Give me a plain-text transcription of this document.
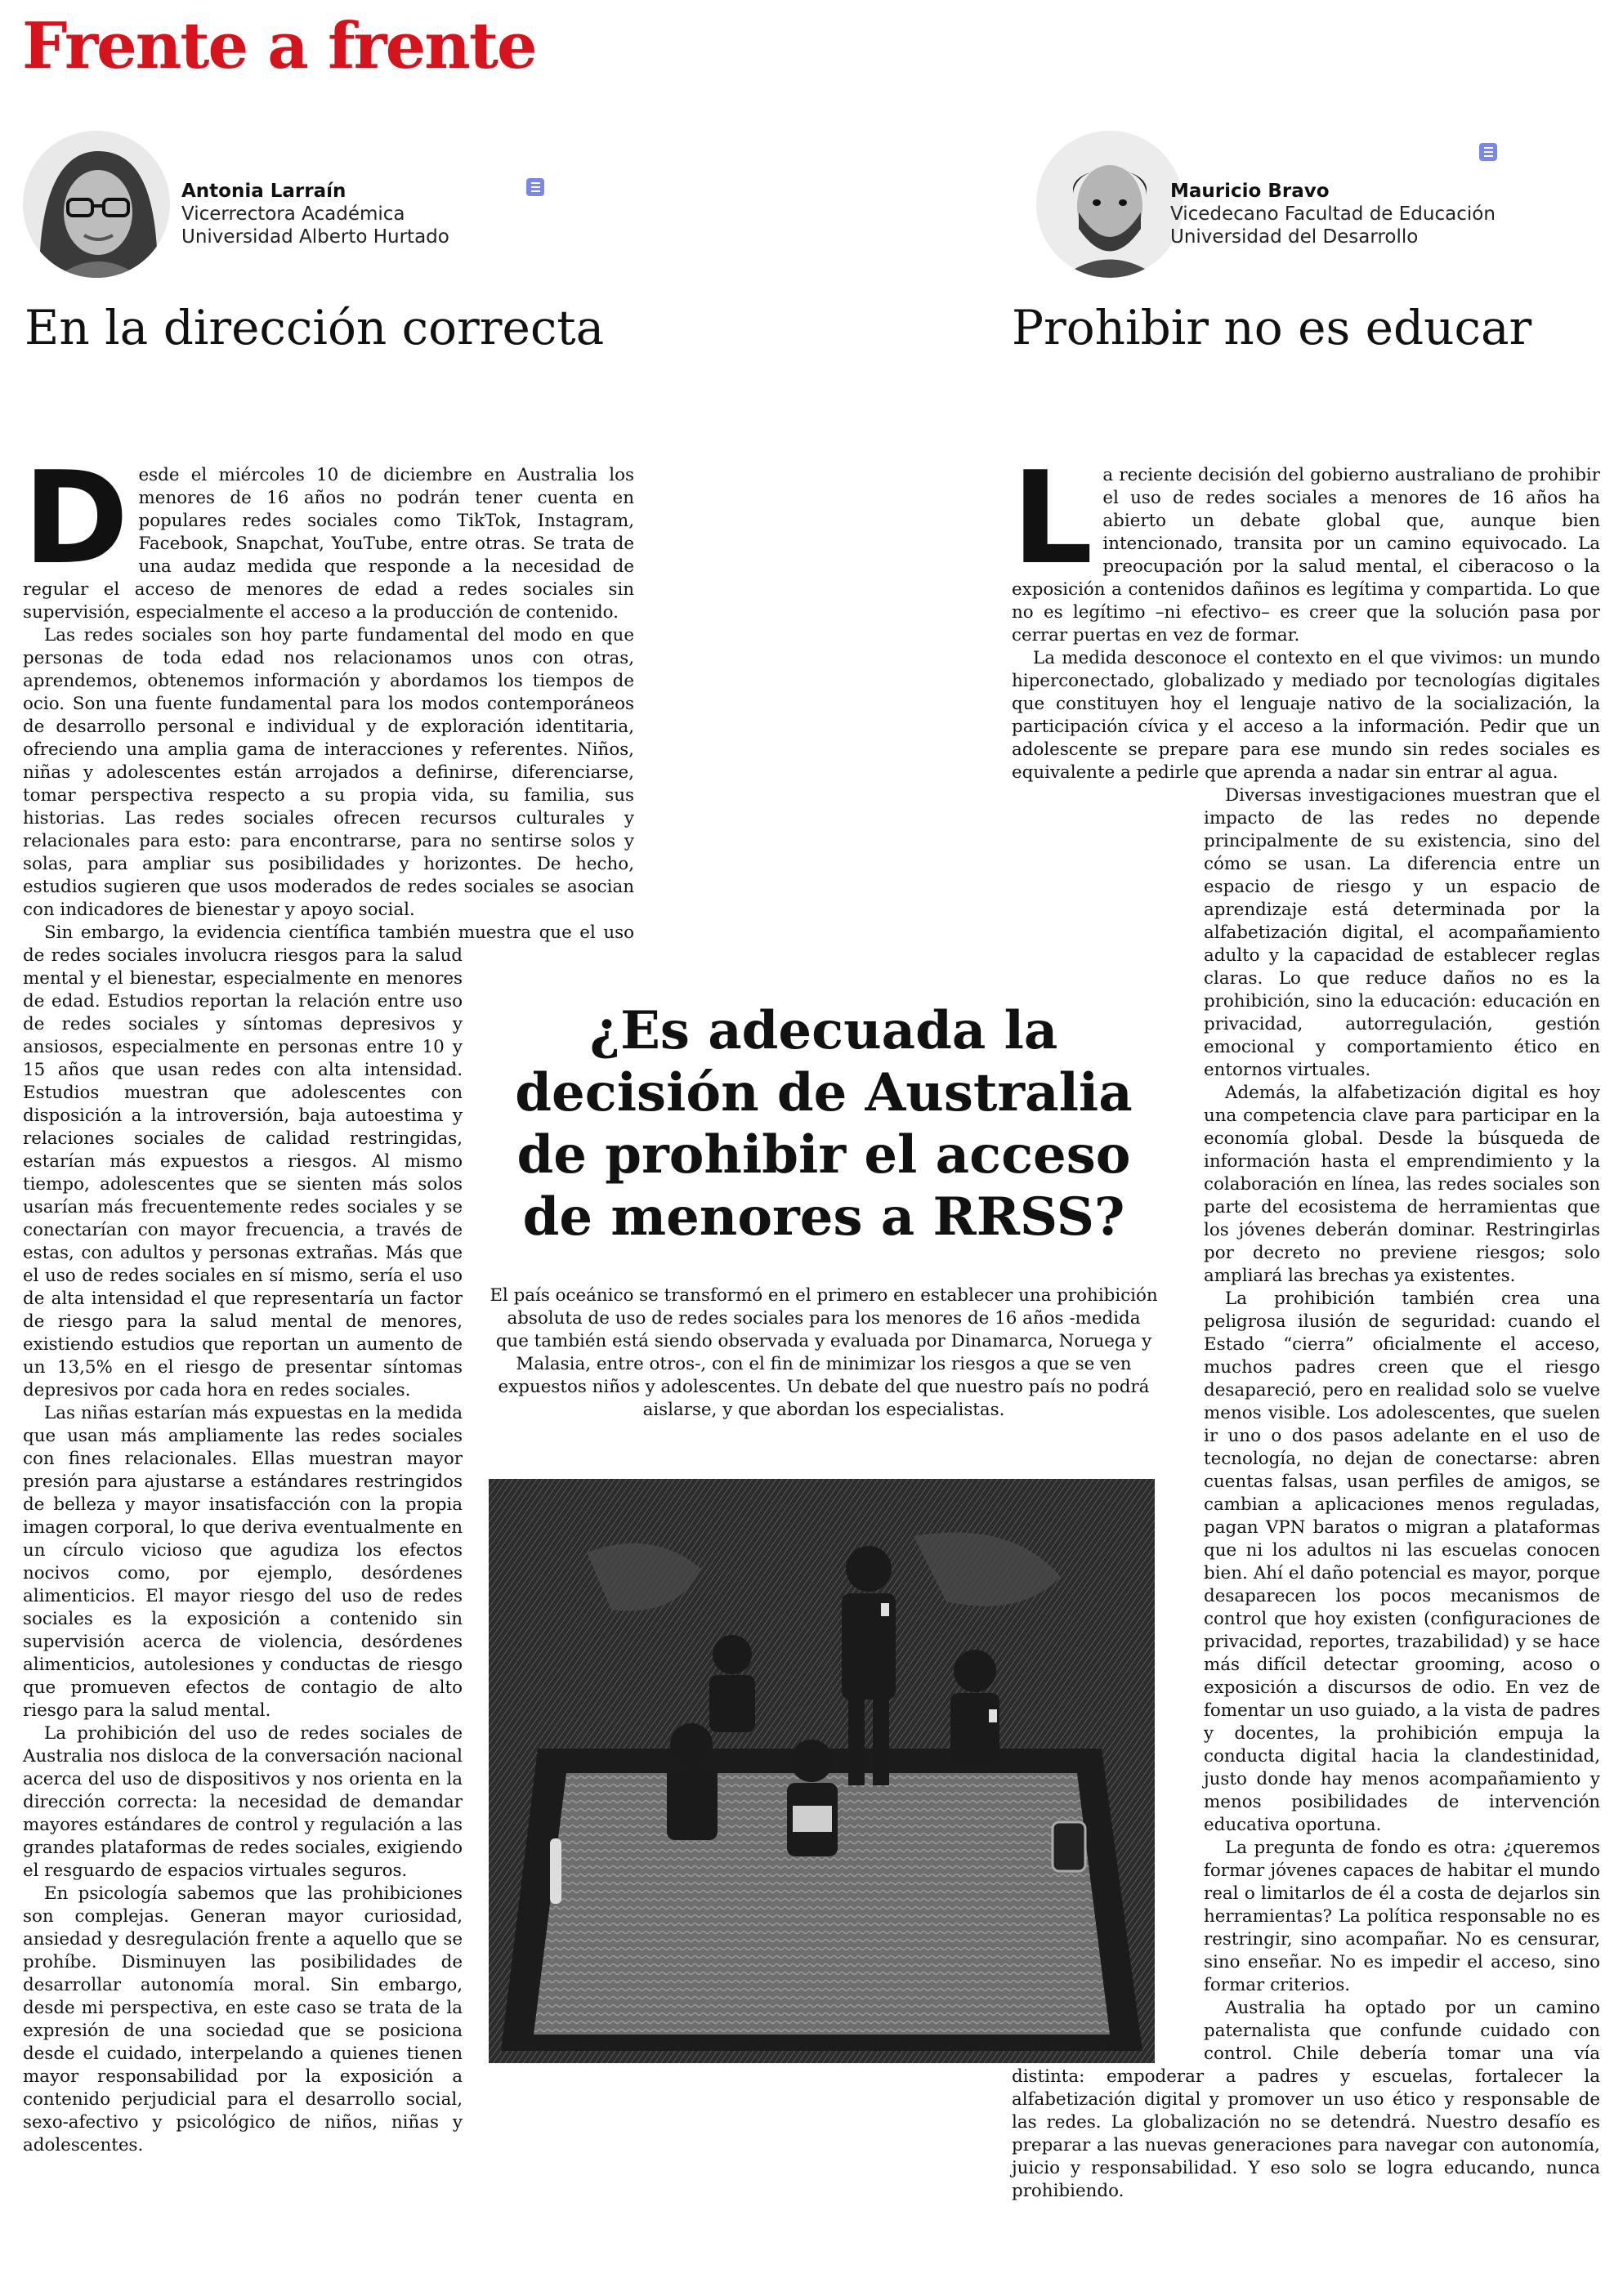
Frente a frente
Antonia Larraín
Vicerrectora Académica
Universidad Alberto Hurtado
Mauricio Bravo
Vicedecano Facultad de Educación
Universidad del Desarrollo
En la dirección correcta	Prohibir no es educar
D esde el miércoles 10 de diciembre en Australia los menores de 16 años no podrán tener cuenta en populares redes sociales como TikTok, Instagram, Facebook, Snapchat, YouTube, entre otras. Se trata de una audaz medida que responde a la necesidad de regular el acceso de menores de edad a redes sociales sin supervisión, especialmente el acceso a la producción de contenido.

Las redes sociales son hoy parte fundamental del modo en que personas de toda edad nos relacionamos unos con otras, aprendemos, obtenemos información y abordamos los tiempos de ocio. Son una fuente fundamental para los modos contemporáneos de desarrollo personal e individual y de exploración identitaria, ofreciendo una amplia gama de interacciones y referentes. Niños, niñas y adolescentes están arrojados a definirse, diferenciarse, tomar perspectiva respecto a su propia vida, su familia, sus historias. Las redes sociales ofrecen recursos culturales y relacionales para esto: para encontrarse, para no sentirse solos y solas, para ampliar sus posibilidades y horizontes. De hecho, estudios sugieren que usos moderados de redes sociales se asocian con indicadores de bienestar y apoyo social.

Sin embargo, la evidencia científica también muestra que el uso de redes sociales involucra riesgos para la salud mental y el bienestar, especialmente en menores de edad. Estudios reportan la relación entre uso de redes sociales y síntomas depresivos y ansiosos, especialmente en personas entre 10 y 15 años que usan redes con alta intensidad. Estudios muestran que adolescentes con disposición a la introversión, baja autoestima y relaciones sociales de calidad restringidas, estarían más expuestos a riesgos. Al mismo tiempo, adolescentes que se sienten más solos usarían más frecuentemente redes sociales y se conectarían con mayor frecuencia, a través de estas, con adultos y personas extrañas. Más que el uso de redes sociales en sí mismo, sería el uso de alta intensidad el que representaría un factor de riesgo para la salud mental de menores, existiendo estudios que reportan un aumento de un 13,5% en el riesgo de presentar síntomas depresivos por cada hora en redes sociales.

Las niñas estarían más expuestas en la medida que usan más ampliamente las redes sociales con fines relacionales. Ellas muestran mayor presión para ajustarse a estándares restringidos de belleza y mayor insatisfacción con la propia imagen corporal, lo que deriva eventualmente en un círculo vicioso que agudiza los efectos nocivos como, por ejemplo, desórdenes alimenticios. El mayor riesgo del uso de redes sociales es la exposición a contenido sin supervisión acerca de violencia, desórdenes alimenticios, autolesiones y conductas de riesgo que promueven efectos de contagio de alto riesgo para la salud mental.

La prohibición del uso de redes sociales de Australia nos disloca de la conversación nacional acerca del uso de dispositivos y nos orienta en la dirección correcta: la necesidad de demandar mayores estándares de control y regulación a las grandes plataformas de redes sociales, exigiendo el resguardo de espacios virtuales seguros.

En psicología sabemos que las prohibiciones son complejas. Generan mayor curiosidad, ansiedad y desregulación frente a aquello que se prohíbe. Disminuyen las posibilidades de desarrollar autonomía moral. Sin embargo, desde mi perspectiva, en este caso se trata de la expresión de una sociedad que se posiciona desde el cuidado, interpelando a quienes tienen mayor responsabilidad por la exposición a contenido perjudicial para el desarrollo social, sexo-afectivo y psicológico de niños, niñas y adolescentes.

L a reciente decisión del gobierno australiano de prohibir el uso de redes sociales a menores de 16 años ha abierto un debate global que, aunque bien intencionado, transita por un camino equivocado. La preocupación por la salud mental, el ciberacoso o la exposición a contenidos dañinos es legítima y compartida. Lo que no es legítimo –ni efectivo– es creer que la solución pasa por cerrar puertas en vez de formar.

La medida desconoce el contexto en el que vivimos: un mundo hiperconectado, globalizado y mediado por tecnologías digitales que constituyen hoy el lenguaje nativo de la socialización, la participación cívica y el acceso a la información. Pedir que un adolescente se prepare para ese mundo sin redes sociales es equivalente a pedirle que aprenda a nadar sin entrar al agua.

Diversas investigaciones muestran que el impacto de las redes no depende principalmente de su existencia, sino del cómo se usan. La diferencia entre un espacio de riesgo y un espacio de aprendizaje está determinada por la alfabetización digital, el acompañamiento adulto y la capacidad de establecer reglas claras. Lo que reduce daños no es la prohibición, sino la educación: educación en privacidad, autorregulación, gestión emocional y comportamiento ético en entornos virtuales.

Además, la alfabetización digital es hoy una competencia clave para participar en la economía global. Desde la búsqueda de información hasta el emprendimiento y la colaboración en línea, las redes sociales son parte del ecosistema de herramientas que los jóvenes deberán dominar. Restringirlas por decreto no previene riesgos; solo ampliará las brechas ya existentes.

La prohibición también crea una peligrosa ilusión de seguridad: cuando el Estado “cierra” oficialmente el acceso, muchos padres creen que el riesgo desapareció, pero en realidad solo se vuelve menos visible. Los adolescentes, que suelen ir uno o dos pasos adelante en el uso de tecnología, no dejan de conectarse: abren cuentas falsas, usan perfiles de amigos, se cambian a aplicaciones menos reguladas, pagan VPN baratos o migran a plataformas que ni los adultos ni las escuelas conocen bien. Ahí el daño potencial es mayor, porque desaparecen los pocos mecanismos de control que hoy existen (configuraciones de privacidad, reportes, trazabilidad) y se hace más difícil detectar grooming, acoso o exposición a discursos de odio. En vez de fomentar un uso guiado, a la vista de padres y docentes, la prohibición empuja la conducta digital hacia la clandestinidad, justo donde hay menos acompañamiento y menos posibilidades de intervención educativa oportuna.

La pregunta de fondo es otra: ¿queremos formar jóvenes capaces de habitar el mundo real o limitarlos de él a costa de dejarlos sin herramientas? La política responsable no es restringir, sino acompañar. No es censurar, sino enseñar. No es impedir el acceso, sino formar criterios.

Australia ha optado por un camino paternalista que confunde cuidado con control. Chile debería tomar una vía distinta: empoderar a padres y escuelas, fortalecer la alfabetización digital y promover un uso ético y responsable de las redes. La globalización no se detendrá. Nuestro desafío es preparar a las nuevas generaciones para navegar con autonomía, juicio y responsabilidad. Y eso solo se logra educando, nunca prohibiendo.

¿Es adecuada la decisión de Australia de prohibir el acceso de menores a RRSS?

El país oceánico se transformó en el primero en establecer una prohibición absoluta de uso de redes sociales para los menores de 16 años -medida que también está siendo observada y evaluada por Dinamarca, Noruega y Malasia, entre otros-, con el fin de minimizar los riesgos a que se ven expuestos niños y adolescentes. Un debate del que nuestro país no podrá aislarse, y que abordan los especialistas.
